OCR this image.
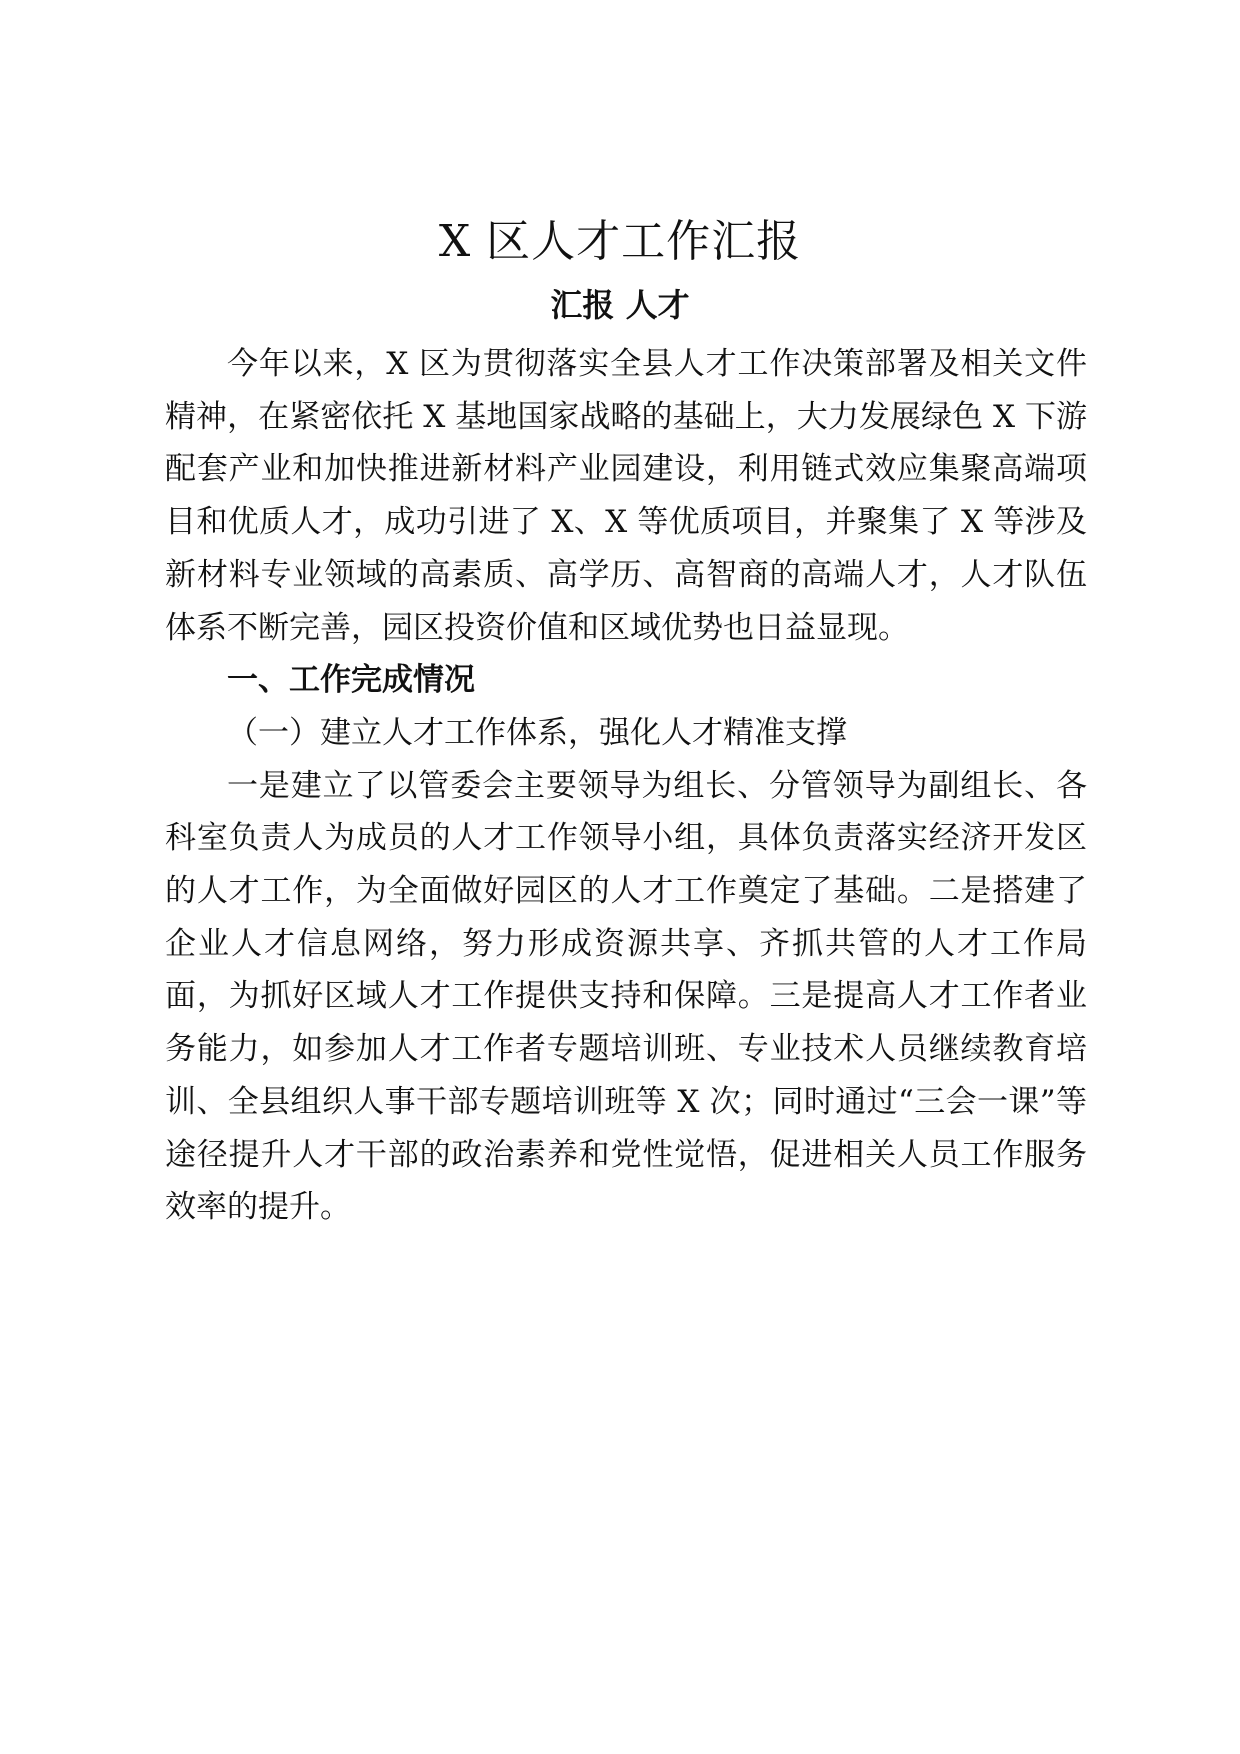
X 区人才工作汇报
汇报 人才

今年以来，X 区为贯彻落实全县人才工作决策部署及相关文件精神，在紧密依托 X 基地国家战略的基础上，大力发展绿色 X 下游配套产业和加快推进新材料产业园建设，利用链式效应集聚高端项目和优质人才，成功引进了 X、X 等优质项目，并聚集了 X 等涉及新材料专业领域的高素质、高学历、高智商的高端人才，人才队伍体系不断完善，园区投资价值和区域优势也日益显现。

一、工作完成情况

（一）建立人才工作体系，强化人才精准支撑

一是建立了以管委会主要领导为组长、分管领导为副组长、各科室负责人为成员的人才工作领导小组，具体负责落实经济开发区的人才工作，为全面做好园区的人才工作奠定了基础。二是搭建了企业人才信息网络，努力形成资源共享、齐抓共管的人才工作局面，为抓好区域人才工作提供支持和保障。三是提高人才工作者业务能力，如参加人才工作者专题培训班、专业技术人员继续教育培训、全县组织人事干部专题培训班等 X 次；同时通过“三会一课”等途径提升人才干部的政治素养和党性觉悟，促进相关人员工作服务效率的提升。
